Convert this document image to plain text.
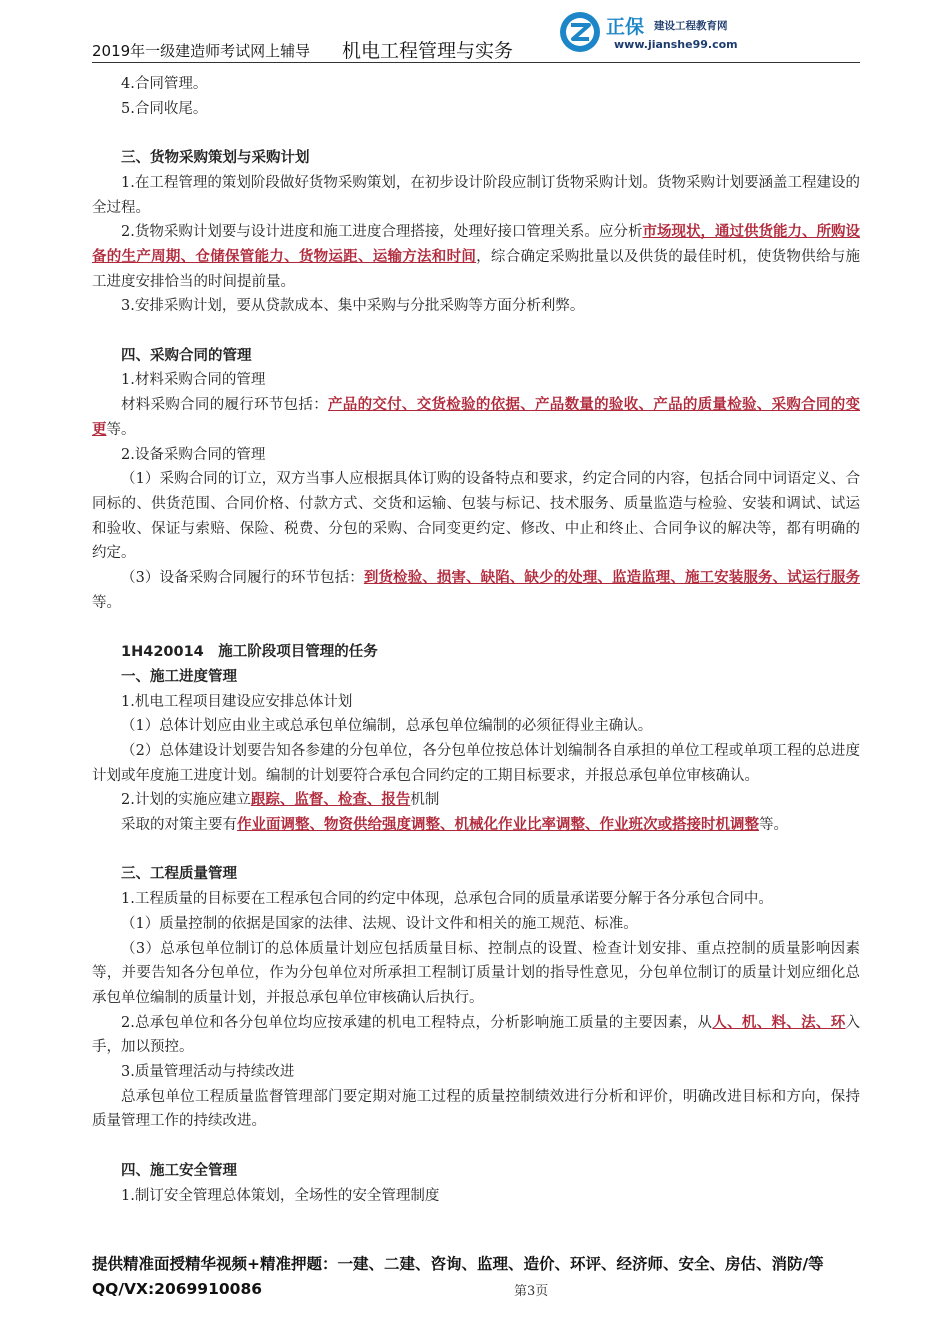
2019年一级建造师考试网上辅导 机电工程管理与实务
正保 建设工程教育网
www.jianshe99.com

4.合同管理。

5.合同收尾。

三、货物采购策划与采购计划

1.在工程管理的策划阶段做好货物采购策划，在初步设计阶段应制订货物采购计划。货物采购计划要涵盖工程建设的全过程。

2.货物采购计划要与设计进度和施工进度合理搭接，处理好接口管理关系。应分析市场现状，通过供货能力、所购设备的生产周期、仓储保管能力、货物运距、运输方法和时间，综合确定采购批量以及供货的最佳时机，使货物供给与施工进度安排恰当的时间提前量。

3.安排采购计划，要从贷款成本、集中采购与分批采购等方面分析利弊。

四、采购合同的管理

1.材料采购合同的管理

材料采购合同的履行环节包括：产品的交付、交货检验的依据、产品数量的验收、产品的质量检验、采购合同的变更等。

2.设备采购合同的管理

（1）采购合同的订立，双方当事人应根据具体订购的设备特点和要求，约定合同的内容，包括合同中词语定义、合同标的、供货范围、合同价格、付款方式、交货和运输、包装与标记、技术服务、质量监造与检验、安装和调试、试运和验收、保证与索赔、保险、税费、分包的采购、合同变更约定、修改、中止和终止、合同争议的解决等，都有明确的约定。

（3）设备采购合同履行的环节包括：到货检验、损害、缺陷、缺少的处理、监造监理、施工安装服务、试运行服务等。

1H420014　施工阶段项目管理的任务

一、施工进度管理

1.机电工程项目建设应安排总体计划

（1）总体计划应由业主或总承包单位编制，总承包单位编制的必须征得业主确认。

（2）总体建设计划要告知各参建的分包单位，各分包单位按总体计划编制各自承担的单位工程或单项工程的总进度计划或年度施工进度计划。编制的计划要符合承包合同约定的工期目标要求，并报总承包单位审核确认。

2.计划的实施应建立跟踪、监督、检查、报告机制

采取的对策主要有作业面调整、物资供给强度调整、机械化作业比率调整、作业班次或搭接时机调整等。

三、工程质量管理

1.工程质量的目标要在工程承包合同的约定中体现，总承包合同的质量承诺要分解于各分承包合同中。

（1）质量控制的依据是国家的法律、法规、设计文件和相关的施工规范、标准。

（3）总承包单位制订的总体质量计划应包括质量目标、控制点的设置、检查计划安排、重点控制的质量影响因素等，并要告知各分包单位，作为分包单位对所承担工程制订质量计划的指导性意见，分包单位制订的质量计划应细化总承包单位编制的质量计划，并报总承包单位审核确认后执行。

2.总承包单位和各分包单位均应按承建的机电工程特点，分析影响施工质量的主要因素，从人、机、料、法、环入手，加以预控。

3.质量管理活动与持续改进

总承包单位工程质量监督管理部门要定期对施工过程的质量控制绩效进行分析和评价，明确改进目标和方向，保持质量管理工作的持续改进。

四、施工安全管理

1.制订安全管理总体策划，全场性的安全管理制度

提供精准面授精华视频+精准押题：一建、二建、咨询、监理、造价、环评、经济师、安全、房估、消防/等
QQ/VX:2069910086	第3页
